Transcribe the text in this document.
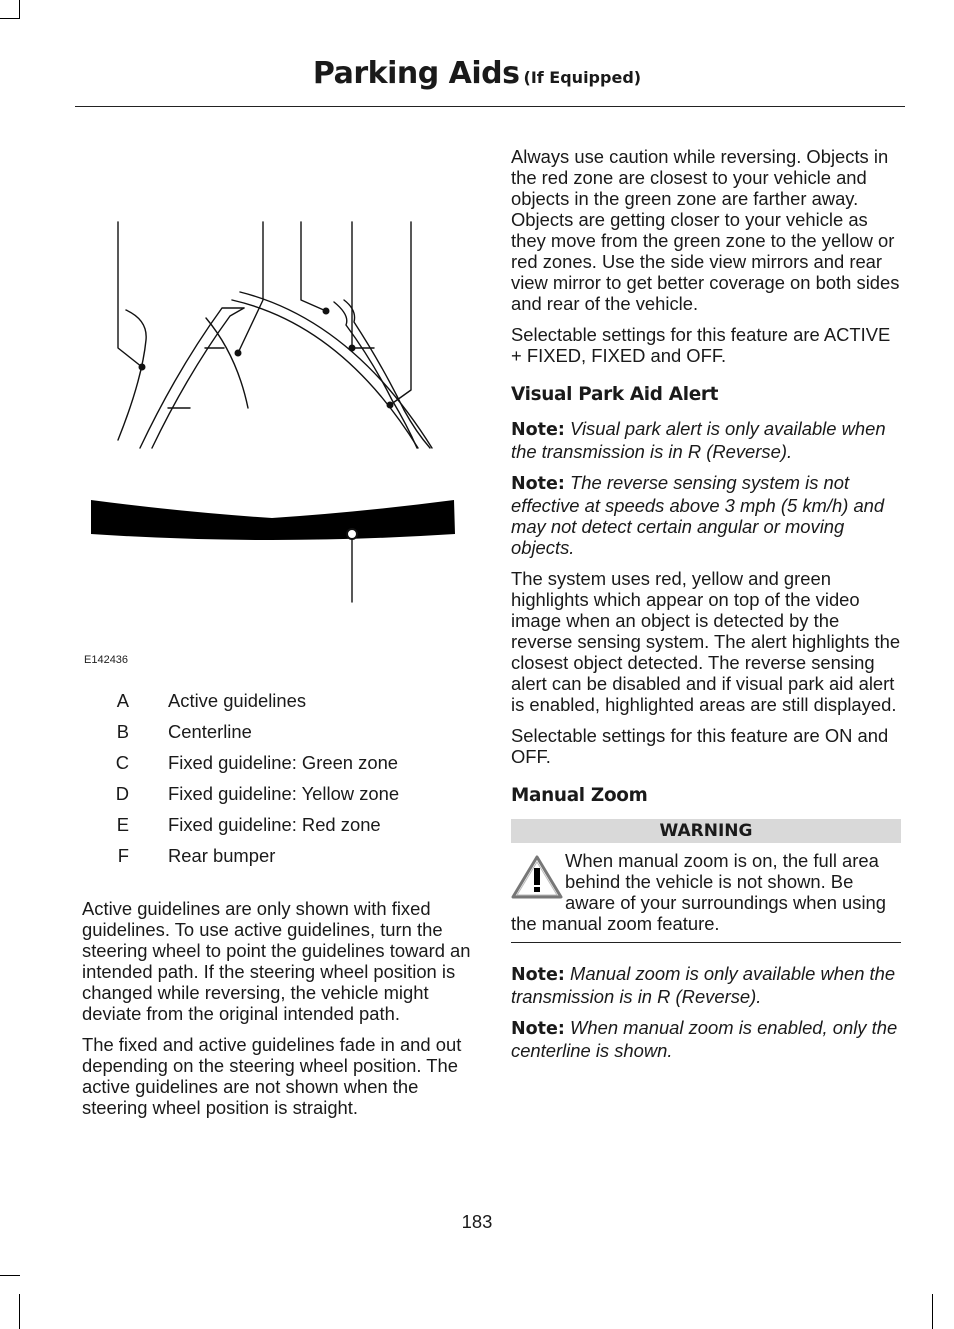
Parking Aids (If Equipped)
E142436
A Active guidelines
B Centerline
C Fixed guideline: Green zone
D Fixed guideline: Yellow zone
E Fixed guideline: Red zone
F Rear bumper

Active guidelines are only shown with fixed guidelines. To use active guidelines, turn the steering wheel to point the guidelines toward an intended path. If the steering wheel position is changed while reversing, the vehicle might deviate from the original intended path.

The fixed and active guidelines fade in and out depending on the steering wheel position. The active guidelines are not shown when the steering wheel position is straight.

Always use caution while reversing. Objects in the red zone are closest to your vehicle and objects in the green zone are farther away. Objects are getting closer to your vehicle as they move from the green zone to the yellow or red zones. Use the side view mirrors and rear view mirror to get better coverage on both sides and rear of the vehicle.

Selectable settings for this feature are ACTIVE + FIXED, FIXED and OFF.

Visual Park Aid Alert

Note: Visual park alert is only available when the transmission is in R (Reverse).

Note: The reverse sensing system is not effective at speeds above 3 mph (5 km/h) and may not detect certain angular or moving objects.

The system uses red, yellow and green highlights which appear on top of the video image when an object is detected by the reverse sensing system. The alert highlights the closest object detected. The reverse sensing alert can be disabled and if visual park aid alert is enabled, highlighted areas are still displayed.

Selectable settings for this feature are ON and OFF.

Manual Zoom
WARNING
When manual zoom is on, the full area behind the vehicle is not shown. Be aware of your surroundings when using the manual zoom feature.

Note: Manual zoom is only available when the transmission is in R (Reverse).

Note: When manual zoom is enabled, only the centerline is shown.

183
